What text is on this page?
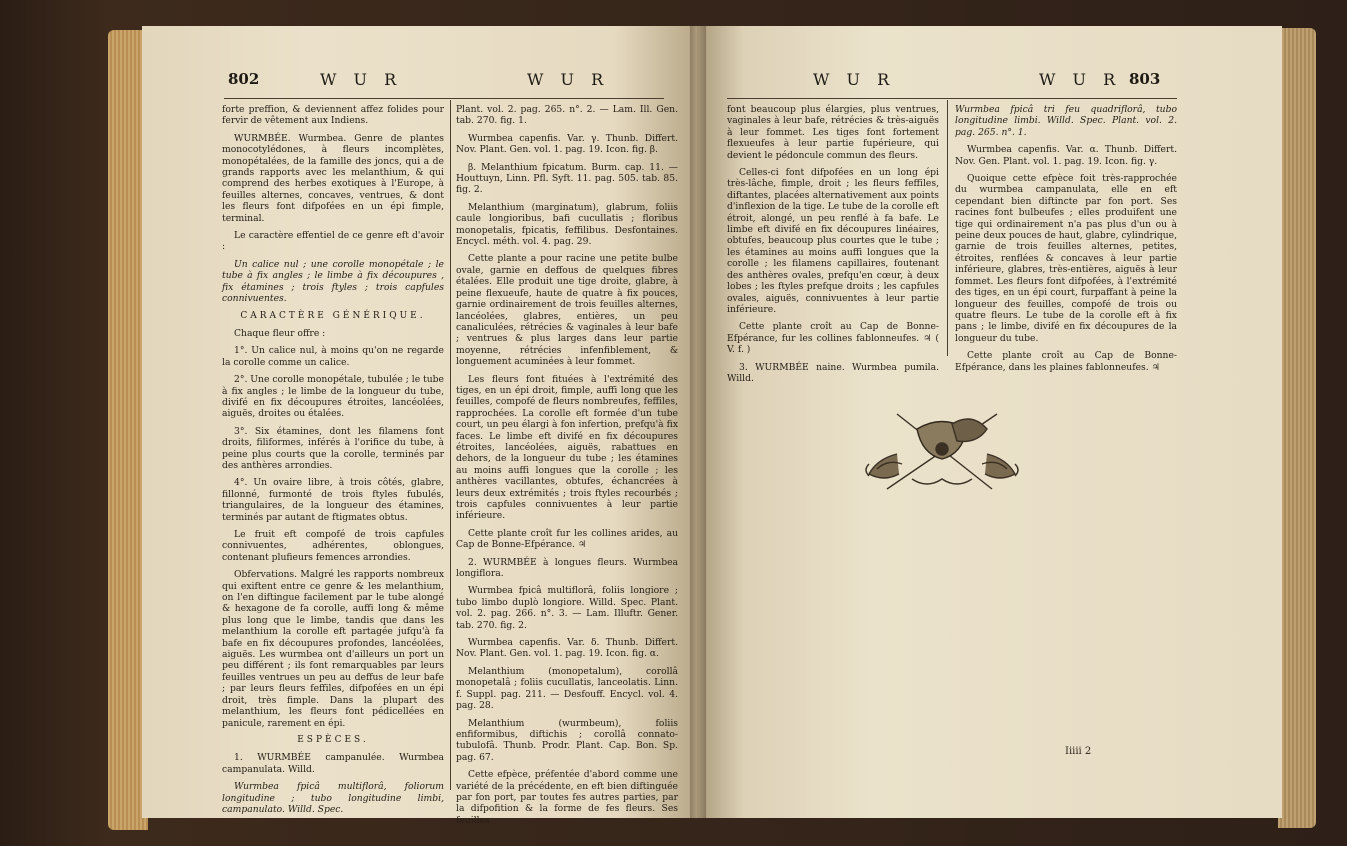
802	W U R	W U R

forte preffion, & deviennent affez folides pour fervir de vêtement aux Indiens.

WURMBÉE. Wurmbea. Genre de plantes monocotylédones, à fleurs incomplètes, monopétalées, de la famille des joncs, qui a de grands rapports avec les melanthium, & qui comprend des herbes exotiques à l'Europe, à feuilles alternes, concaves, ventrues, & dont les fleurs font difpofées en un épi fimple, terminal.

Le caractère effentiel de ce genre eft d'avoir :

Un calice nul ; une corolle monopétale ; le tube à fix angles ; le limbe à fix découpures , fix étamines ; trois ftyles ; trois capfules connivuentes.

CARACTÈRE GÉNÉRIQUE.

Chaque fleur offre :

1°. Un calice nul, à moins qu'on ne regarde la corolle comme un calice.

2°. Une corolle monopétale, tubulée ; le tube à fix angles ; le limbe de la longueur du tube, divifé en fix découpures étroites, lancéolées, aiguës, droites ou étalées.

3°. Six étamines, dont les filamens font droits, filiformes, inférés à l'orifice du tube, à peine plus courts que la corolle, terminés par des anthères arrondies.

4°. Un ovaire libre, à trois côtés, glabre, fillonné, furmonté de trois ftyles fubulés, triangulaires, de la longueur des étamines, terminés par autant de ftigmates obtus.

Le fruit eft compofé de trois capfules connivuentes, adhérentes, oblongues, contenant plufieurs femences arrondies.

Obfervations. Malgré les rapports nombreux qui exiftent entre ce genre & les melanthium, on l'en diftingue facilement par le tube alongé & hexagone de fa corolle, auffi long & même plus long que le limbe, tandis que dans les melanthium la corolle eft partagée jufqu'à fa bafe en fix découpures profondes, lancéolées, aiguës. Les wurmbea ont d'ailleurs un port un peu différent ; ils font remarquables par leurs feuilles ventrues un peu au deffus de leur bafe ; par leurs fleurs feffiles, difpofées en un épi droit, très fimple. Dans la plupart des melanthium, les fleurs font pédicellées en panicule, rarement en épi.

ESPÈCES.

1. WURMBÉE campanulée. Wurmbea campanulata. Willd.

Wurmbea fpicâ multiflorâ, foliorum longitudine ; tubo longitudine limbi, campanulato. Willd. Spec.

Plant. vol. 2. pag. 265. n°. 2. — Lam. Ill. Gen. tab. 270. fig. 1.

Wurmbea capenfis. Var. γ. Thunb. Differt. Nov. Plant. Gen. vol. 1. pag. 19. Icon. fig. β.

β. Melanthium fpicatum. Burm. cap. 11. — Houttuyn, Linn. Pfl. Syft. 11. pag. 505. tab. 85. fig. 2.

Melanthium (marginatum), glabrum, foliis caule longioribus, bafi cucullatis ; floribus monopetalis, fpicatis, feffilibus. Desfontaines. Encycl. méth. vol. 4. pag. 29.

Cette plante a pour racine une petite bulbe ovale, garnie en deffous de quelques fibres étalées. Elle produit une tige droite, glabre, à peine flexueufe, haute de quatre à fix pouces, garnie ordinairement de trois feuilles alternes, lancéolées, glabres, entières, un peu canaliculées, rétrécies & vaginales à leur bafe ; ventrues & plus larges dans leur partie moyenne, rétrécies infenfiblement, & longuement acuminées à leur fommet.

Les fleurs font fituées à l'extrémité des tiges, en un épi droit, fimple, auffi long que les feuilles, compofé de fleurs nombreufes, feffiles, rapprochées. La corolle eft formée d'un tube court, un peu élargi à fon infertion, prefqu'à fix faces. Le limbe eft divifé en fix découpures étroites, lancéolées, aiguës, rabattues en dehors, de la longueur du tube ; les étamines au moins auffi longues que la corolle ; les anthères vacillantes, obtufes, échancrées à leurs deux extrémités ; trois ftyles recourbés ; trois capfules connivuentes à leur partie inférieure.

Cette plante croît fur les collines arides, au Cap de Bonne-Efpérance. ♃

2. WURMBÉE à longues fleurs. Wurmbea longiflora.

Wurmbea fpicâ multiflorâ, foliis longiore ; tubo limbo duplò longiore. Willd. Spec. Plant. vol. 2. pag. 266. n°. 3. — Lam. Illuftr. Gener. tab. 270. fig. 2.

Wurmbea capenfis. Var. δ. Thunb. Differt. Nov. Plant. Gen. vol. 1. pag. 19. Icon. fig. α.

Melanthium (monopetalum), corollâ monopetalâ ; foliis cucullatis, lanceolatis. Linn. f. Suppl. pag. 211. — Desfouff. Encycl. vol. 4. pag. 28.

Melanthium (wurmbeum), foliis enfiformibus, diftichis ; corollâ connato-tubulofâ. Thunb. Prodr. Plant. Cap. Bon. Sp. pag. 67.

Cette efpèce, préfentée d'abord comme une variété de la précédente, en eft bien diftinguée par fon port, par toutes fes autres parties, par la difpofition & la forme de fes fleurs. Ses feuilles

W U R	W U R 803

font beaucoup plus élargies, plus ventrues, vaginales à leur bafe, rétrécies & très-aiguës à leur fommet. Les tiges font fortement flexueufes à leur partie fupérieure, qui devient le pédoncule commun des fleurs.

Celles-ci font difpofées en un long épi très-lâche, fimple, droit ; les fleurs feffiles, diftantes, placées alternativement aux points d'inflexion de la tige. Le tube de la corolle eft étroit, alongé, un peu renflé à fa bafe. Le limbe eft divifé en fix découpures linéaires, obtufes, beaucoup plus courtes que le tube ; les étamines au moins auffi longues que la corolle ; les filamens capillaires, foutenant des anthères ovales, prefqu'en cœur, à deux lobes ; les ftyles prefque droits ; les capfules ovales, aiguës, connivuentes à leur partie inférieure.

Cette plante croît au Cap de Bonne-Efpérance, fur les collines fablonneufes. ♃ ( V. f. )

3. WURMBÉE naine. Wurmbea pumila. Willd.

Wurmbea fpicâ tri feu quadriflorâ, tubo longitudine limbi. Willd. Spec. Plant. vol. 2. pag. 265. n°. 1.

Wurmbea capenfis. Var. α. Thunb. Differt. Nov. Gen. Plant. vol. 1. pag. 19. Icon. fig. γ.

Quoique cette efpèce foit très-rapprochée du wurmbea campanulata, elle en eft cependant bien diftincte par fon port. Ses racines font bulbeufes ; elles produifent une tige qui ordinairement n'a pas plus d'un ou à peine deux pouces de haut, glabre, cylindrique, garnie de trois feuilles alternes, petites, étroites, renflées & concaves à leur partie inférieure, glabres, très-entières, aiguës à leur fommet. Les fleurs font difpofées, à l'extrémité des tiges, en un épi court, furpaffant à peine la longueur des feuilles, compofé de trois ou quatre fleurs. Le tube de la corolle eft à fix pans ; le limbe, divifé en fix découpures de la longueur du tube.

Cette plante croît au Cap de Bonne-Efpérance, dans les plaines fablonneufes. ♃

Iiiii 2
